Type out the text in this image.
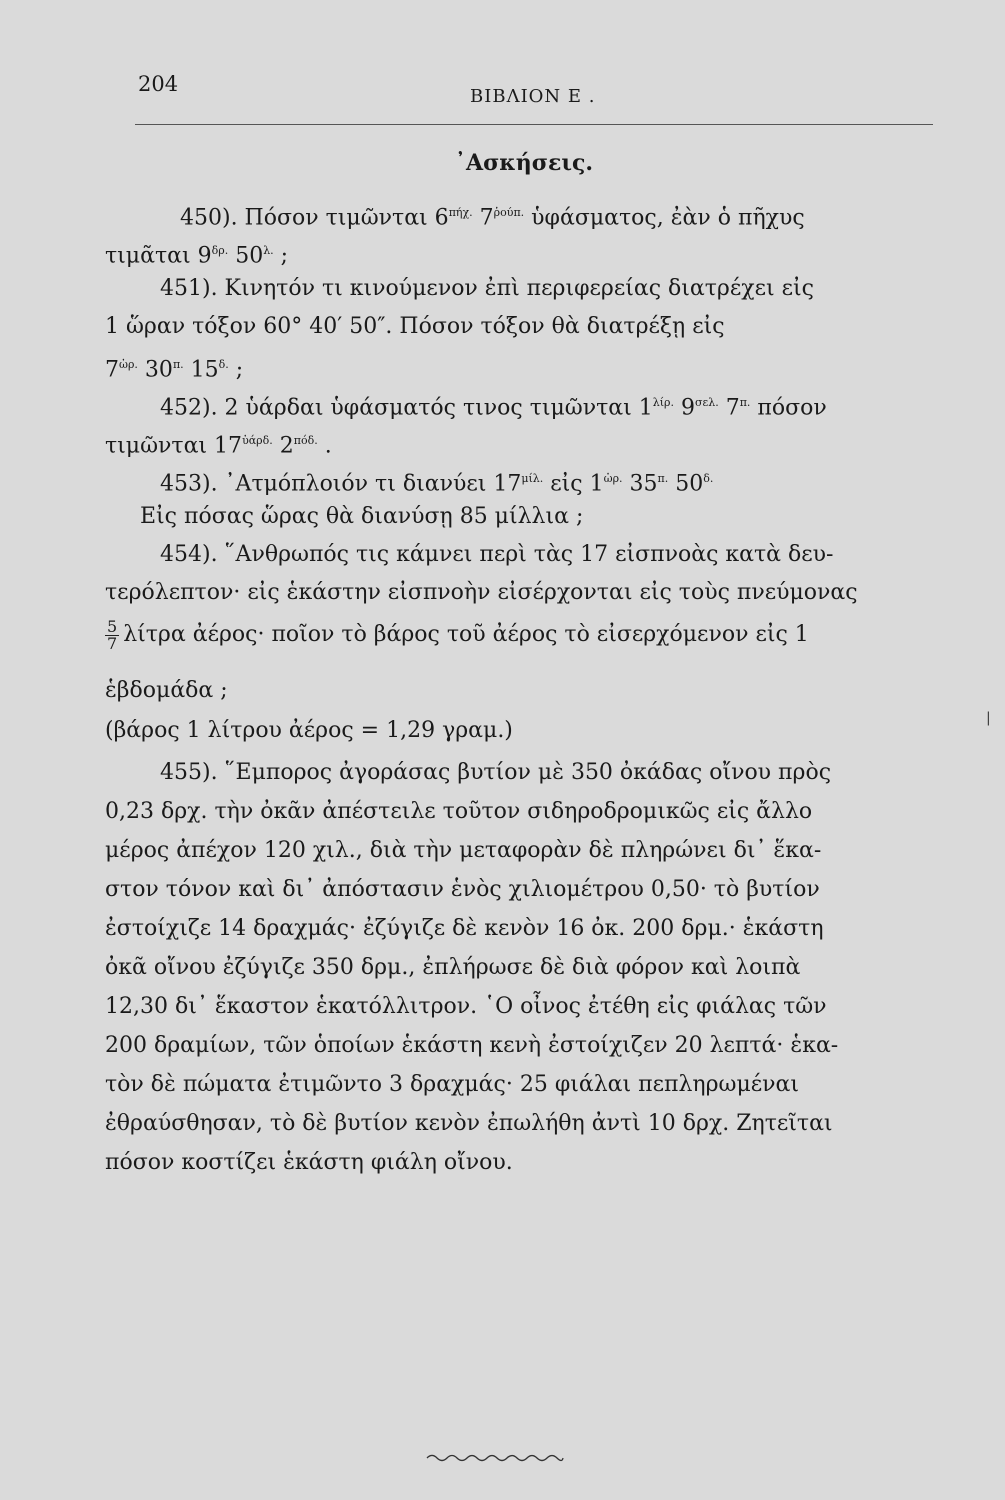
204
ΒΙΒΛΙΟΝ Ε .
᾿Ασκήσεις.
450). Πόσον τιμῶνται $6^{\pi ή\chi.}$ $7^{ῥoύ\pi.}$ ὑφάσματος, ἐὰν ὁ πῆχυς
τιμᾶται $9^{\delta\rho.}$ $50^{\lambda.}$ ;
451). Κινητόν τι κινούμενον ἐπὶ περιφερείας διατρέχει εἰς
1 ὥραν τόξον 60° 40′ 50″. Πόσον τόξον θὰ διατρέξῃ εἰς
$7^{ὡ\rho.}$ $30^{\pi.}$ $15^{\delta.}$ ;
452). 2 ὑάρδαι ὑφάσματός τινος τιμῶνται $1^{\lambda ί\rho.}$ $9^{\sigma\varepsilon\lambda.}$ $7^{\pi.}$ πόσον
τιμῶνται $17^{ὑά\rho\delta.}$ $2^{\pi ό\delta.}$ .
453). ᾿Ατμόπλοιόν τι διανύει $17^{\mu ί\lambda.}$ εἰς $1^{ὡ\rho.}$ $35^{\pi.}$ $50^{\delta.}$
Εἰς πόσας ὥρας θὰ διανύσῃ 85 μίλλια ;
454). ῞Ανθρωπός τις κάμνει περὶ τὰς 17 εἰσπνοὰς κατὰ δευ-
τερόλεπτον· εἰς ἑκάστην εἰσπνοὴν εἰσέρχονται εἰς τοὺς πνεύμονας
$\frac{5}{7}$ λίτρα ἀέρος· ποῖον τὸ βάρος τοῦ ἀέρος τὸ εἰσερχόμενον εἰς 1
ἑβδομάδα ;
(βάρος 1 λίτρου ἀέρος = 1,29 γραμ.)
455). ῞Εμπορος ἀγοράσας βυτίον μὲ 350 ὀκάδας οἴνου πρὸς
0,23 δρχ. τὴν ὀκᾶν ἀπέστειλε τοῦτον σιδηροδρομικῶς εἰς ἄλλο
μέρος ἀπέχον 120 χιλ., διὰ τὴν μεταφορὰν δὲ πληρώνει δι᾿ ἕκα-
στον τόνον καὶ δι᾿ ἀπόστασιν ἑνὸς χιλιομέτρου 0,50· τὸ βυτίον
ἐστοίχιζε 14 δραχμάς· ἐζύγιζε δὲ κενὸν 16 ὀκ. 200 δρμ.· ἑκάστη
ὀκᾶ οἴνου ἐζύγιζε 350 δρμ., ἐπλήρωσε δὲ διὰ φόρον καὶ λοιπὰ
12,30 δι᾿ ἕκαστον ἑκατόλλιτρον. ῾Ο οἶνος ἐτέθη εἰς φιάλας τῶν
200 δραμίων, τῶν ὁποίων ἑκάστη κενὴ ἐστοίχιζεν 20 λεπτά· ἑκα-
τὸν δὲ πώματα ἐτιμῶντο 3 δραχμάς· 25 φιάλαι πεπληρωμέναι
ἐθραύσθησαν, τὸ δὲ βυτίον κενὸν ἐπωλήθη ἀντὶ 10 δρχ. Ζητεῖται
πόσον κοστίζει ἑκάστη φιάλη οἴνου.
|
